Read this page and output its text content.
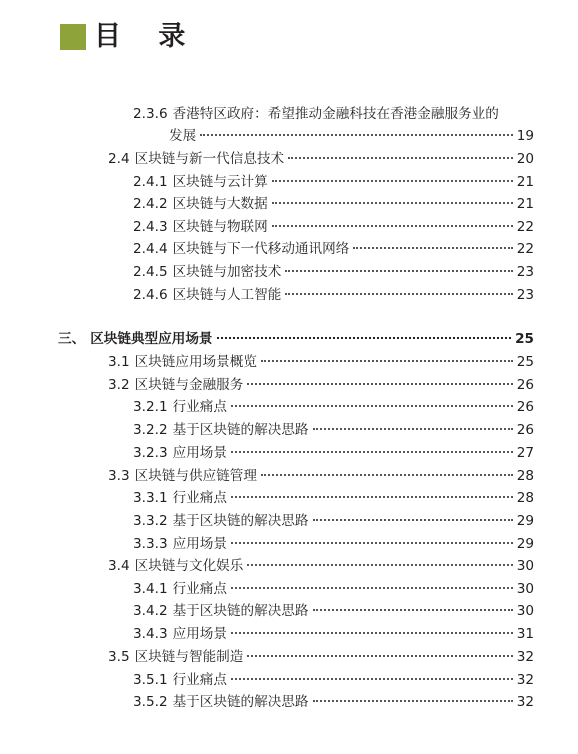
目 录
2.3.6 香港特区政府：希望推动金融科技在香港金融服务业的
发展	19
2.4 区块链与新一代信息技术	20
2.4.1 区块链与云计算	21
2.4.2 区块链与大数据	21
2.4.3 区块链与物联网	22
2.4.4 区块链与下一代移动通讯网络	22
2.4.5 区块链与加密技术	23
2.4.6 区块链与人工智能	23
三、 区块链典型应用场景	25
3.1 区块链应用场景概览	25
3.2 区块链与金融服务	26
3.2.1 行业痛点	26
3.2.2 基于区块链的解决思路	26
3.2.3 应用场景	27
3.3 区块链与供应链管理	28
3.3.1 行业痛点	28
3.3.2 基于区块链的解决思路	29
3.3.3 应用场景	29
3.4 区块链与文化娱乐	30
3.4.1 行业痛点	30
3.4.2 基于区块链的解决思路	30
3.4.3 应用场景	31
3.5 区块链与智能制造	32
3.5.1 行业痛点	32
3.5.2 基于区块链的解决思路	32
